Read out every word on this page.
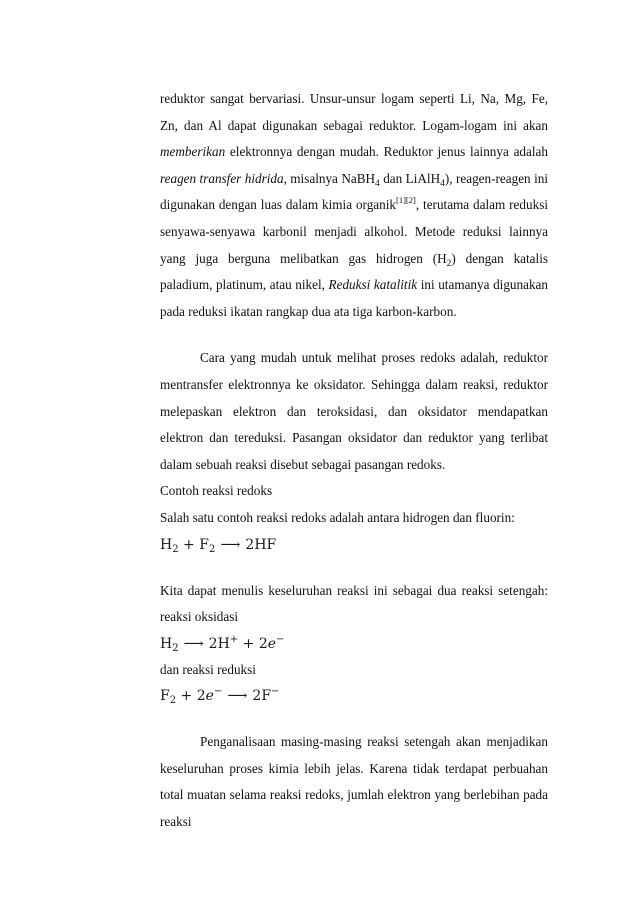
reduktor sangat bervariasi. Unsur-unsur logam seperti Li, Na, Mg, Fe, Zn, dan Al dapat digunakan sebagai reduktor. Logam-logam ini akan memberikan elektronnya dengan mudah. Reduktor jenus lainnya adalah reagen transfer hidrida, misalnya NaBH$_4$ dan LiAlH$_4$), reagen-reagen ini digunakan dengan luas dalam kimia organik[1][2], terutama dalam reduksi senyawa-senyawa karbonil menjadi alkohol. Metode reduksi lainnya yang juga berguna melibatkan gas hidrogen $(H_2)$ dengan katalis paladium, platinum, atau nikel, Reduksi katalitik ini utamanya digunakan pada reduksi ikatan rangkap dua ata tiga karbon-karbon.

Cara yang mudah untuk melihat proses redoks adalah, reduktor mentransfer elektronnya ke oksidator. Sehingga dalam reaksi, reduktor melepaskan elektron dan teroksidasi, dan oksidator mendapatkan elektron dan tereduksi. Pasangan oksidator dan reduktor yang terlibat dalam sebuah reaksi disebut sebagai pasangan redoks.

Contoh reaksi redoks

Salah satu contoh reaksi redoks adalah antara hidrogen dan fluorin:

$H_2 + F_2$ ⟶ 2HF

Kita dapat menulis keseluruhan reaksi ini sebagai dua reaksi setengah: reaksi oksidasi

$H_2$ ⟶ 2H+ + 2e−

dan reaksi reduksi

$F_2 + 2e^-$ ⟶ 2F−

Penganalisaan masing-masing reaksi setengah akan menjadikan keseluruhan proses kimia lebih jelas. Karena tidak terdapat perbuahan total muatan selama reaksi redoks, jumlah elektron yang berlebihan pada reaksi
